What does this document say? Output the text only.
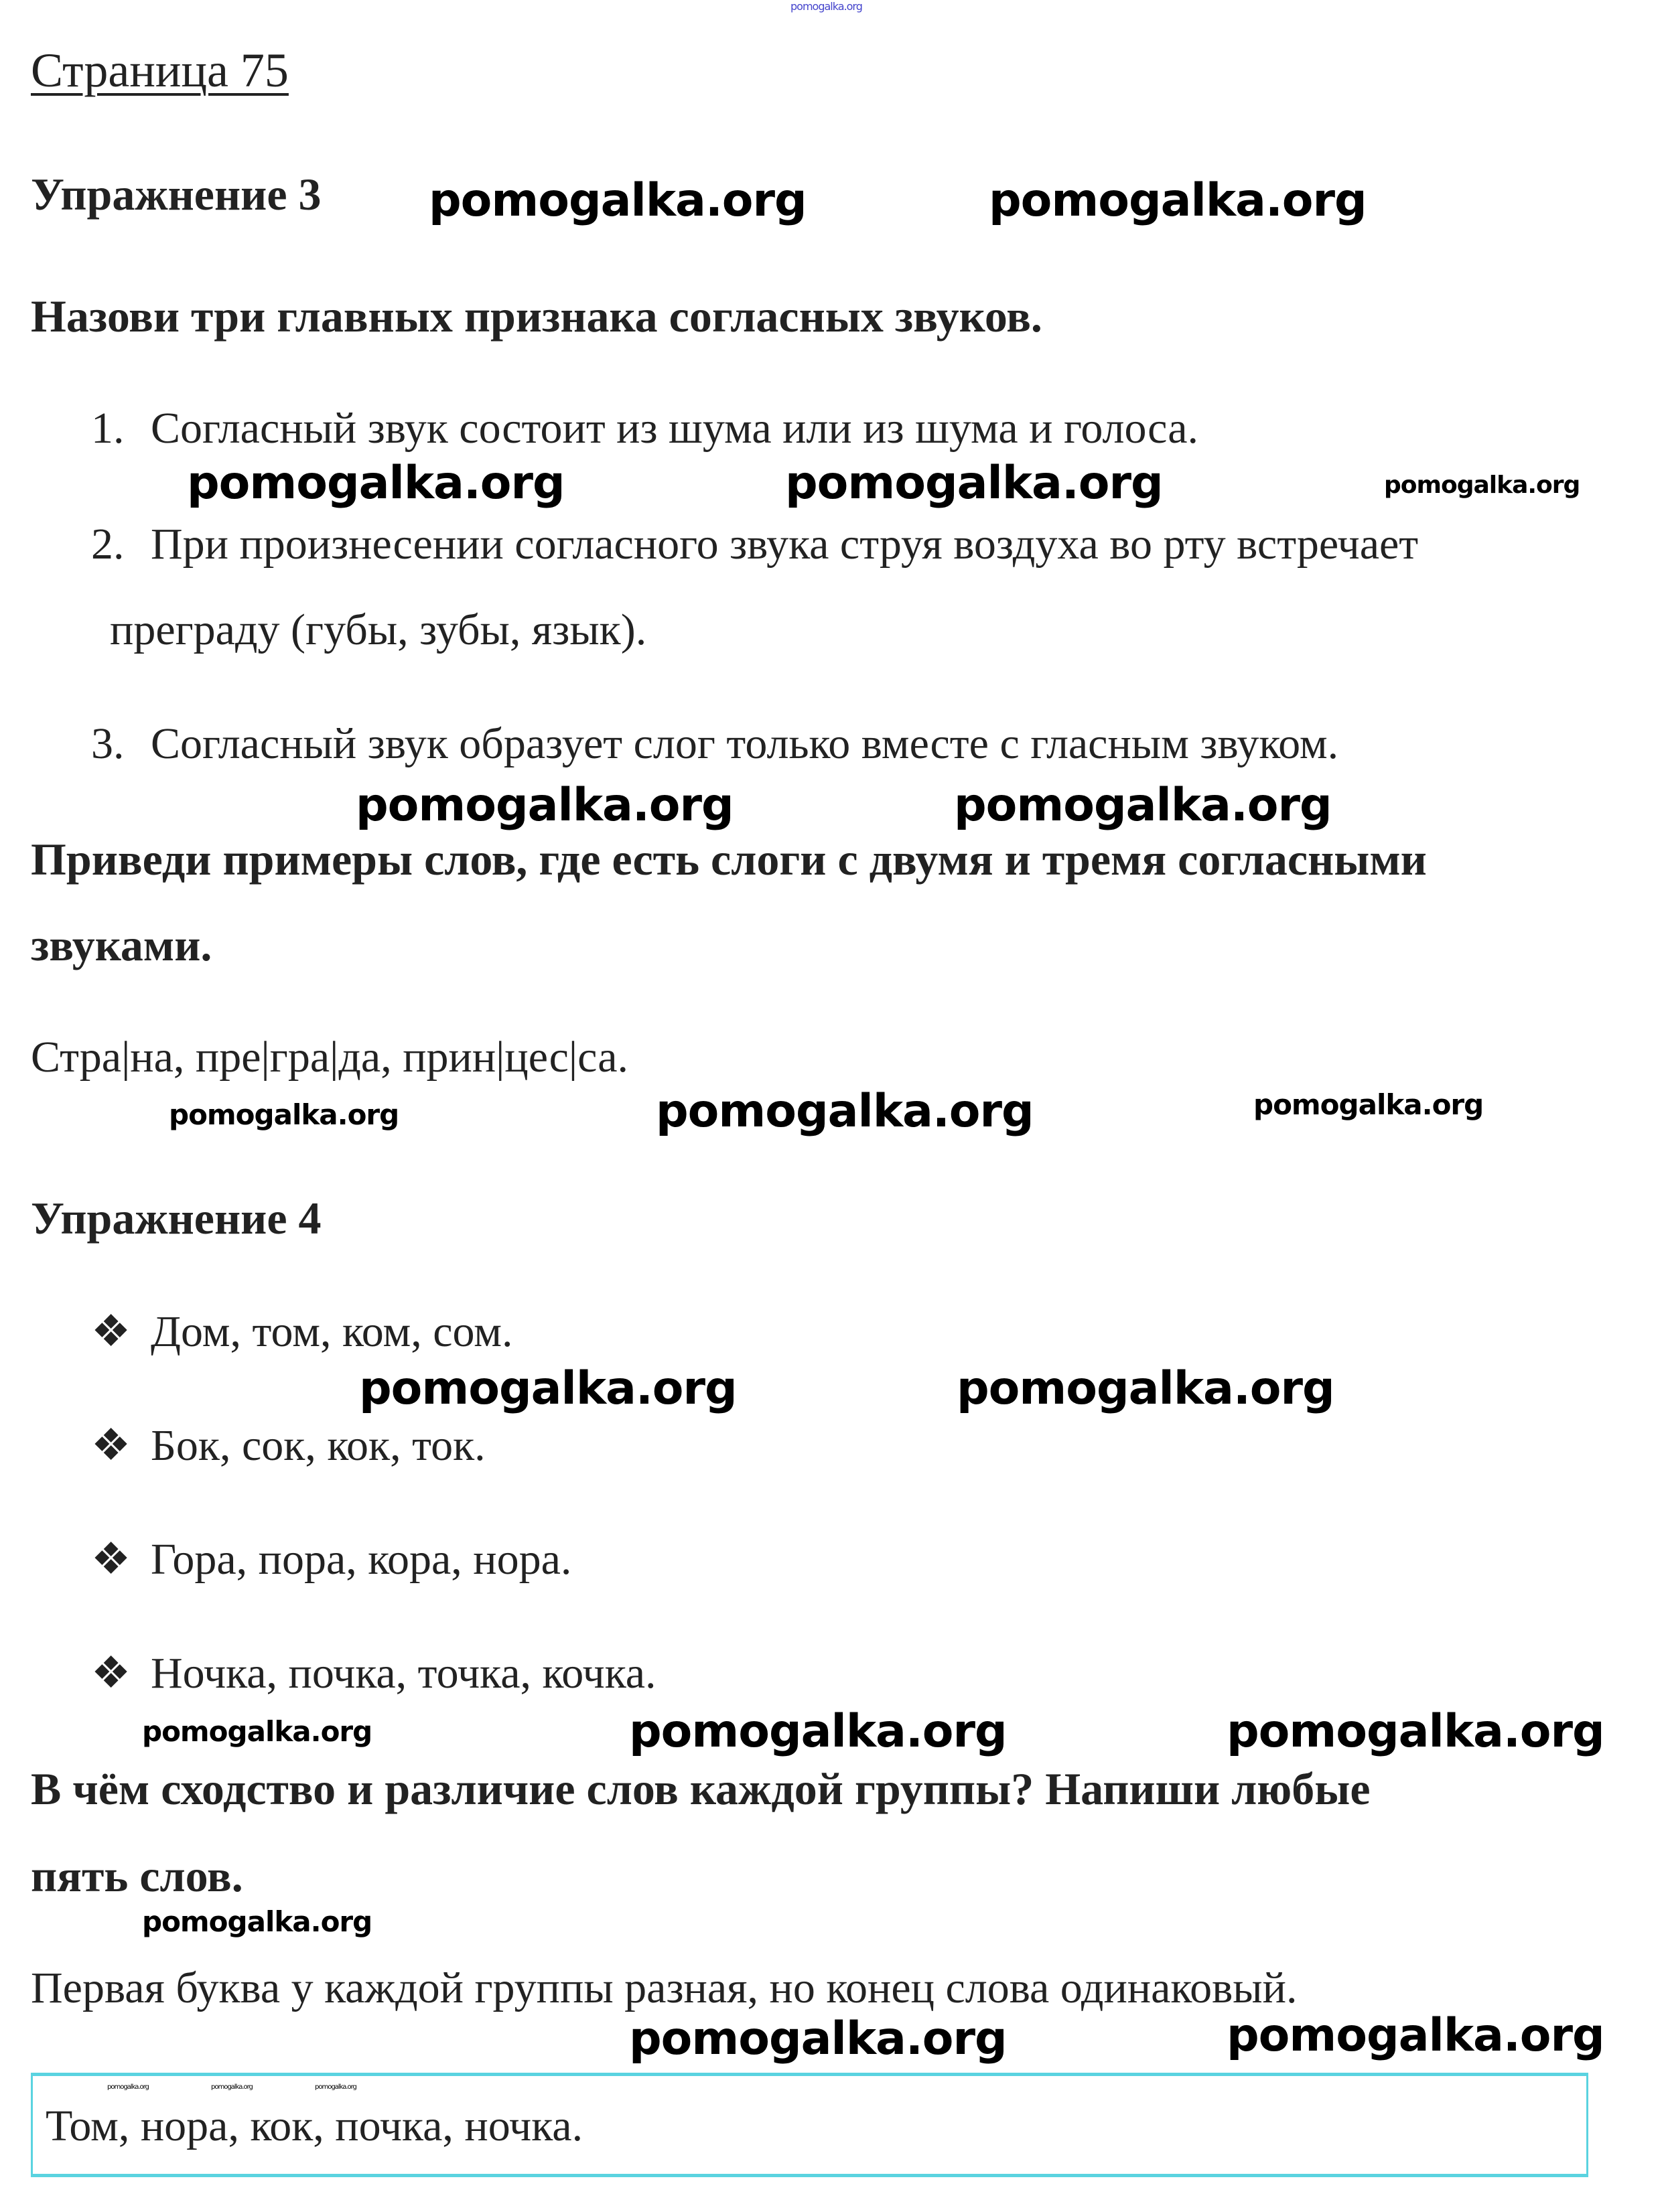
pomogalka.org
Страница 75
Упражнение 3
Назови три главных признака согласных звуков.
1. Согласный звук состоит из шума или из шума и голоса.
2. При произнесении согласного звука струя воздуха во рту встречает
преграду (губы, зубы, язык).
3. Согласный звук образует слог только вместе с гласным звуком.
Приведи примеры слов, где есть слоги с двумя и тремя согласными
звуками.
Стра|на, пре|гра|да, прин|цес|са.
Упражнение 4
❖ Дом, том, ком, сом.
❖ Бок, сок, кок, ток.
❖ Гора, пора, кора, нора.
❖ Ночка, почка, точка, кочка.
В чём сходство и различие слов каждой группы? Напиши любые
пять слов.
Первая буква у каждой группы разная, но конец слова одинаковый.
Том, нора, кок, почка, ночка.
pomogalka.org	pomogalka.org
pomogalka.org	pomogalka.org	pomogalka.org
pomogalka.org	pomogalka.org
pomogalka.org	pomogalka.org	pomogalka.org
pomogalka.org	pomogalka.org
pomogalka.org	pomogalka.org	pomogalka.org
pomogalka.org
pomogalka.org	pomogalka.org
pomogalka.org	pomogalka.org	pomogalka.org
